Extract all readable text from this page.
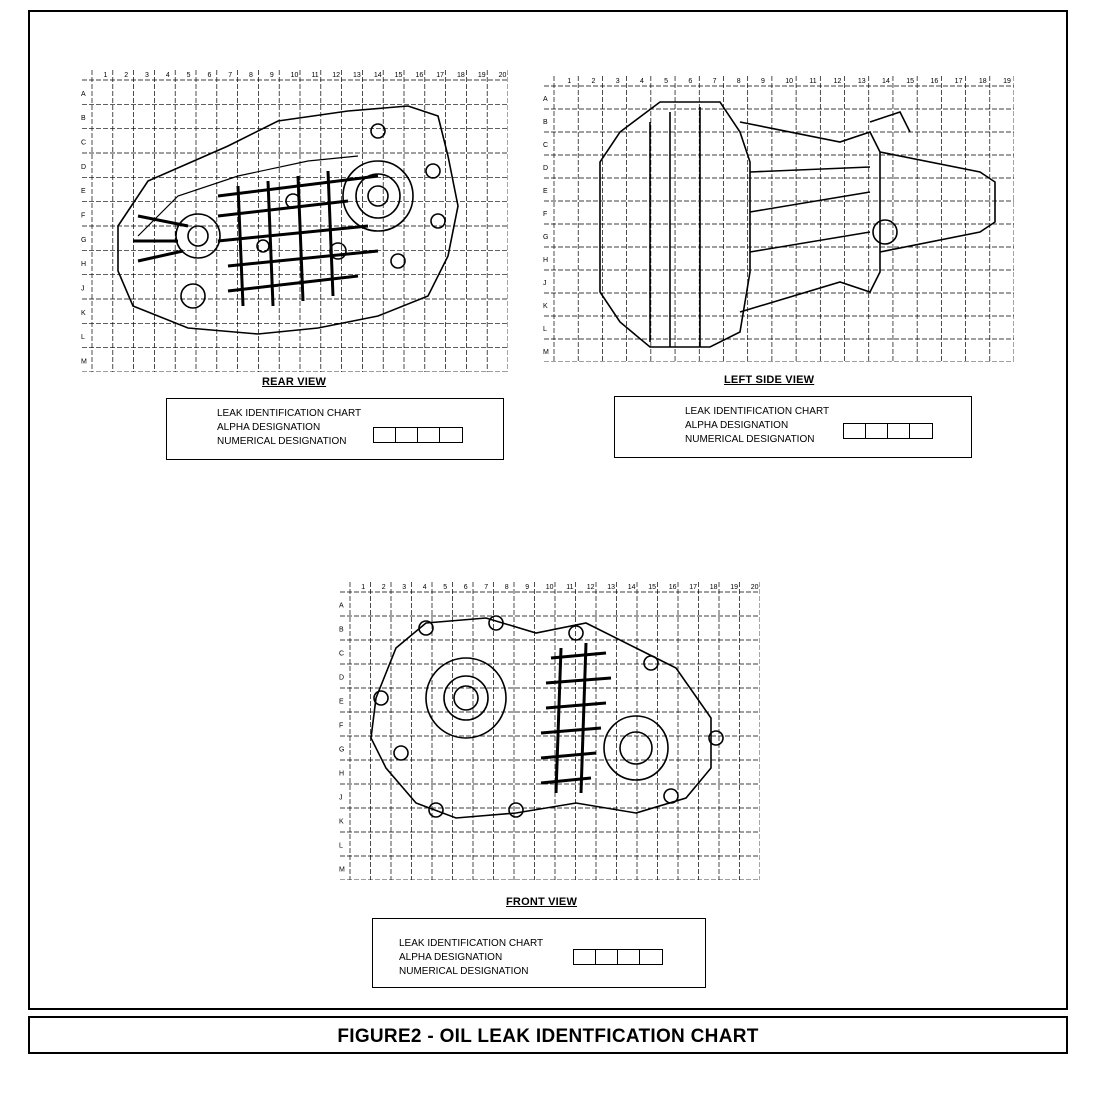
1 2 3 4 5 6 7 8 9 10 11 12 13 14 15 16 17 18 19 20
A
B
C
D
E
F
G
H
J
K
L
M
REAR VIEW
LEAK IDENTIFICATION CHART
ALPHA DESIGNATION
NUMERICAL DESIGNATION
1	2	3	4	5	6	7	8	9	10 11 12 13 14 15 16 17 18 19
A
B
C
D
E
F
G
H
J
K
L
M
LEFT SIDE VIEW
LEAK IDENTIFICATION CHART
ALPHA DESIGNATION
NUMERICAL DESIGNATION
1 2 3 4 5 6 7 8 9 10 11 12 13 14 15 16 17 18 19 20
A
B
C
D
E
F
G
H
J
K
L
M
FRONT VIEW
LEAK IDENTIFICATION CHART
ALPHA DESIGNATION
NUMERICAL DESIGNATION
FIGURE2 - OIL LEAK IDENTFICATION CHART
